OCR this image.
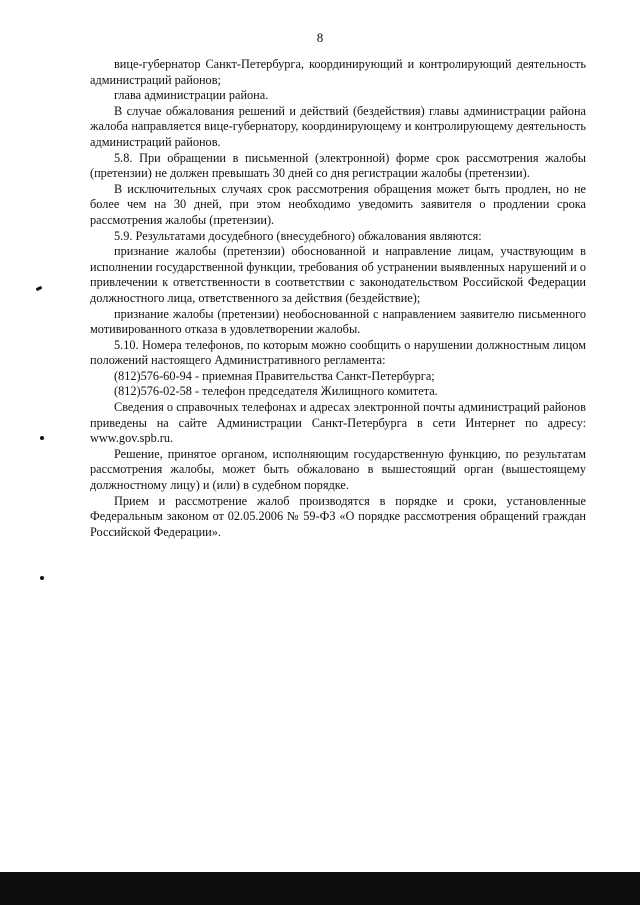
8

вице-губернатор Санкт-Петербурга, координирующий и контролирующий деятельность администраций районов;

глава администрации района.

В случае обжалования решений и действий (бездействия) главы администрации района жалоба направляется вице-губернатору, координирующему и контролирующему деятельность администраций районов.

5.8. При обращении в письменной (электронной) форме срок рассмотрения жалобы (претензии) не должен превышать 30 дней со дня регистрации жалобы (претензии).

В исключительных случаях срок рассмотрения обращения может быть продлен, но не более чем на 30 дней, при этом необходимо уведомить заявителя о продлении срока рассмотрения жалобы (претензии).

5.9. Результатами досудебного (внесудебного) обжалования являются:

признание жалобы (претензии) обоснованной и направление лицам, участвующим в исполнении государственной функции, требования об устранении выявленных нарушений и о привлечении к ответственности в соответствии с законодательством Российской Федерации должностного лица, ответственного за действия (бездействие);

признание жалобы (претензии) необоснованной с направлением заявителю письменного мотивированного отказа в удовлетворении жалобы.

5.10. Номера телефонов, по которым можно сообщить о нарушении должностным лицом положений настоящего Административного регламента:

(812)576-60-94 - приемная Правительства Санкт-Петербурга;

(812)576-02-58 - телефон председателя Жилищного комитета.

Сведения о справочных телефонах и адресах электронной почты администраций районов приведены на сайте Администрации Санкт-Петербурга в сети Интернет по адресу: www.gov.spb.ru.

Решение, принятое органом, исполняющим государственную функцию, по результатам рассмотрения жалобы, может быть обжаловано в вышестоящий орган (вышестоящему должностному лицу) и (или) в судебном порядке.

Прием и рассмотрение жалоб производятся в порядке и сроки, установленные Федеральным законом от 02.05.2006 № 59-ФЗ «О порядке рассмотрения обращений граждан Российской Федерации».
